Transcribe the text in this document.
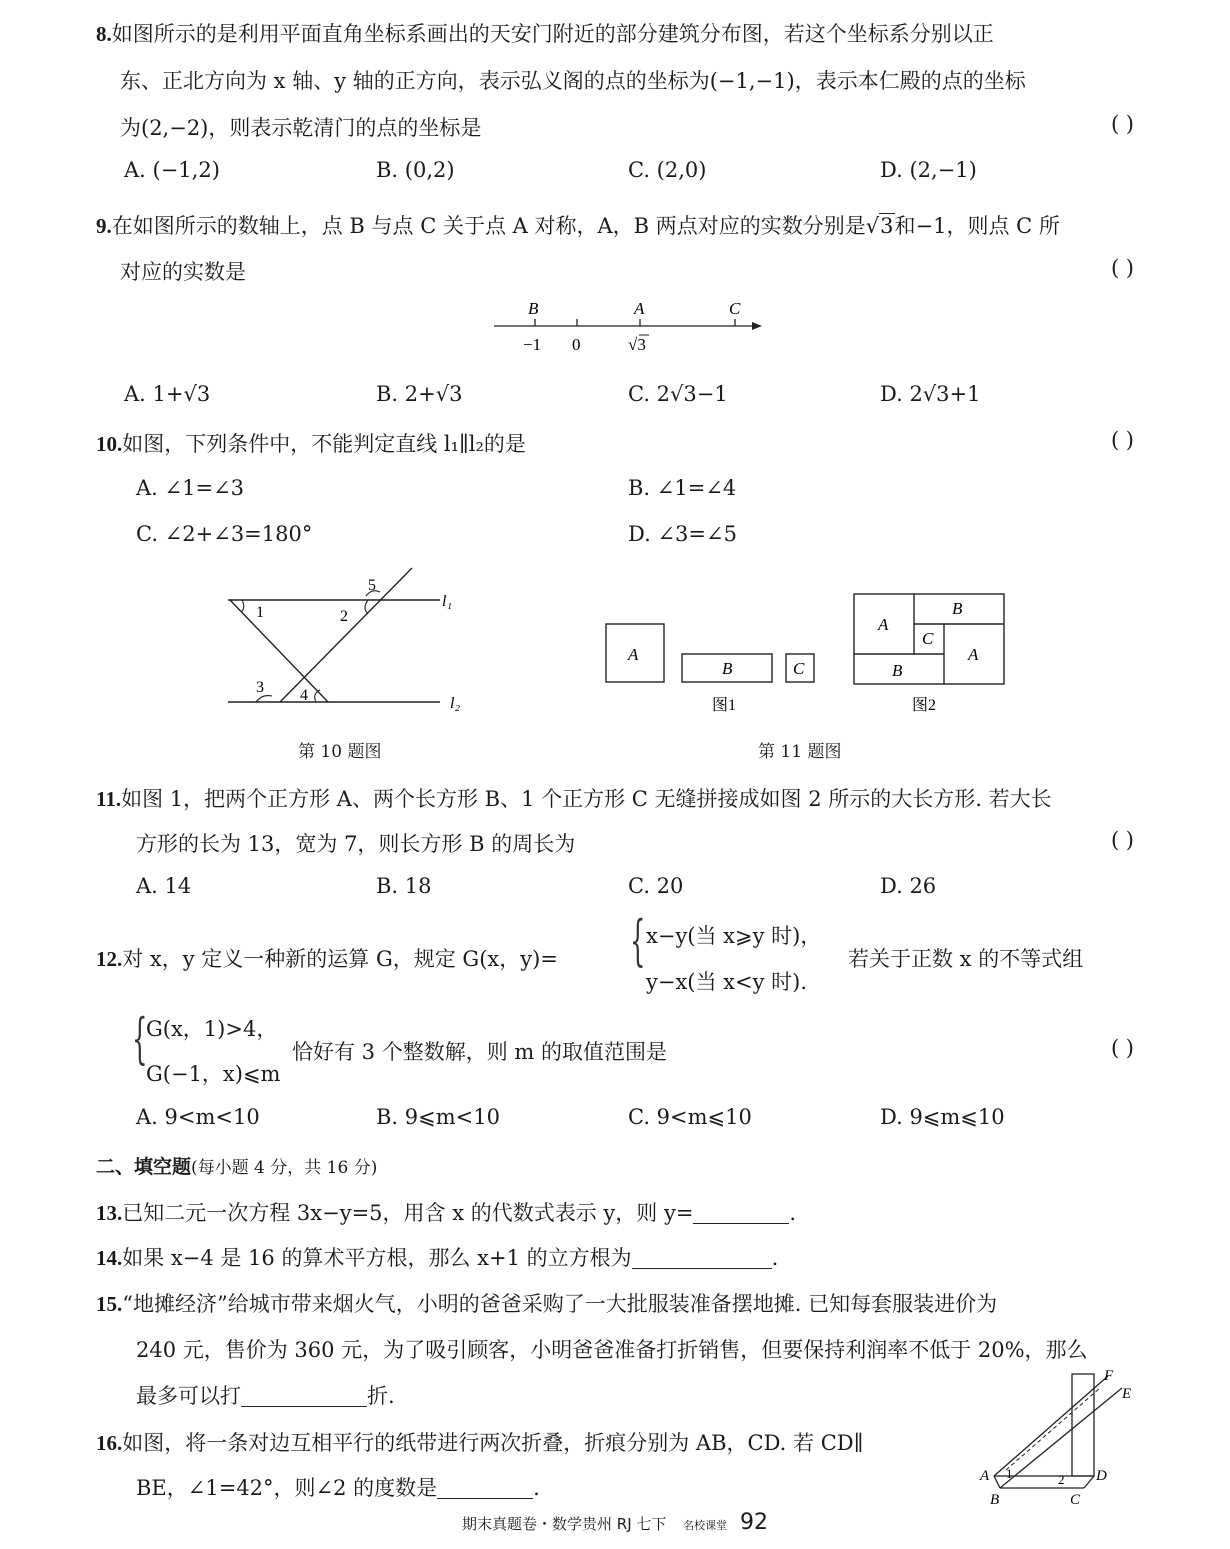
8.如图所示的是利用平面直角坐标系画出的天安门附近的部分建筑分布图，若这个坐标系分别以正
东、正北方向为 x 轴、y 轴的正方向，表示弘义阁的点的坐标为(−1,−1)，表示本仁殿的点的坐标
为(2,−2)，则表示乾清门的点的坐标是	( )
A. (−1,2)	B. (0,2)	C. (2,0)	D. (2,−1)
9.在如图所示的数轴上，点 B 与点 C 关于点 A 对称，A，B 两点对应的实数分别是√3和−1，则点 C 所
对应的实数是	( )
B	A	C
−1 0	√3
A. 1+√3	B. 2+√3	C. 2√3−1	D. 2√3+1
10.如图，下列条件中，不能判定直线 l₁∥l₂的是	( )
A. ∠1=∠3	B. ∠1=∠4
C. ∠2+∠3=180°	D. ∠3=∠5
1	2
3 4
5
l₁
l₂
第 10 题图
A
B	C
图1
A
B
C
B
A
图2
第 11 题图
11.如图 1，把两个正方形 A、两个长方形 B、1 个正方形 C 无缝拼接成如图 2 所示的大长方形. 若大长
方形的长为 13，宽为 7，则长方形 B 的周长为	( )
A. 14	B. 18	C. 20	D. 26
12.对 x，y 定义一种新的运算 G，规定 G(x，y)= { x−y(当 x⩾y 时)，
y−x(当 x<y 时).
若关于正数 x 的不等式组
{
G(x，1)>4，
G(−1，x)⩽m
恰好有 3 个整数解，则 m 的取值范围是	( )
A. 9<m<10	B. 9⩽m<10	C. 9<m⩽10	D. 9⩽m⩽10
二、填空题(每小题 4 分，共 16 分)
13.已知二元一次方程 3x−y=5，用含 x 的代数式表示 y，则 y=	.
14.如果 x−4 是 16 的算术平方根，那么 x+1 的立方根为	.
15.“地摊经济”给城市带来烟火气，小明的爸爸采购了一大批服装准备摆地摊. 已知每套服装进价为
240 元，售价为 360 元，为了吸引顾客，小明爸爸准备打折销售，但要保持利润率不低于 20%，那么
最多可以打	折.
16.如图，将一条对边互相平行的纸带进行两次折叠，折痕分别为 AB，CD. 若 CD∥
BE，∠1=42°，则∠2 的度数是	.	A
B	C
D
E
F
1	2
期末真题卷・数学贵州 RJ 七下 名校课堂 92
